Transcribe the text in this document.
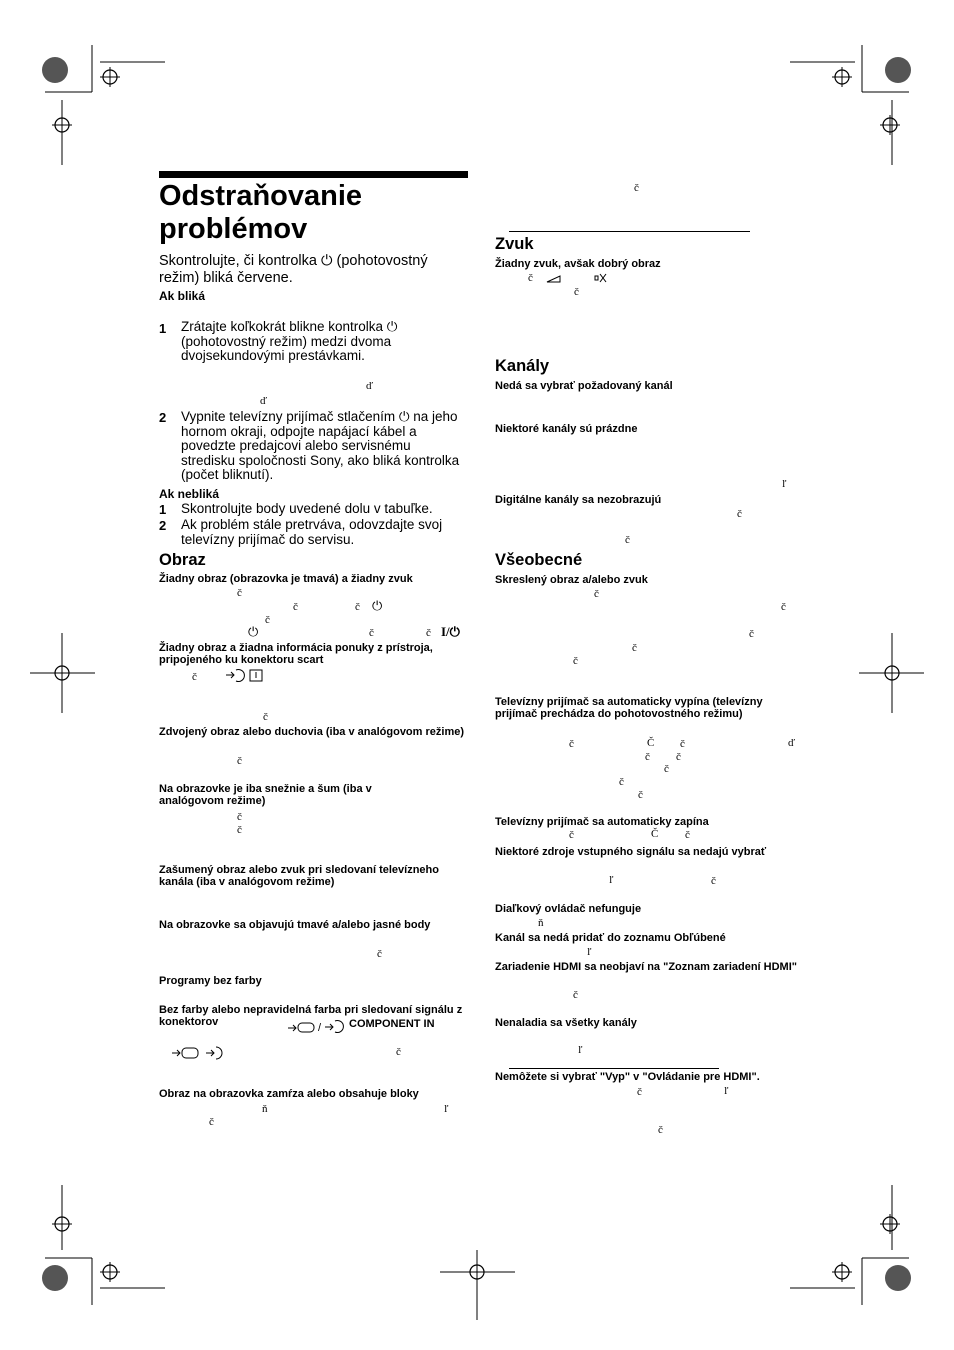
Odstraňovanie problémov
Skontrolujte, či kontrolka ⏻ (pohotovostný režim) bliká červene.
Ak bliká
1 Zrátajte koľkokrát blikne kontrolka ⏻ (pohotovostný režim) medzi dvoma dvojsekundovými prestávkami.
ď
ď
2 Vypnite televízny prijímač stlačením ⏻ na jeho hornom okraji, odpojte napájací kábel a povedzte predajcovi alebo servisnému stredisku spoločnosti Sony, ako bliká kontrolka (počet bliknutí).
Ak nebliká
1 Skontrolujte body uvedené dolu v tabuľke.
2 Ak problém stále pretrváva, odovzdajte svoj televízny prijímač do servisu.
Obraz
Žiadny obraz (obrazovka je tmavá) a žiadny zvuk
č
č	č ⏻
č
⏻	č	č I/⏻
Žiadny obraz a žiadna informácia ponuky z prístroja, pripojeného ku konektoru scart
č
č
Zdvojený obraz alebo duchovia (iba v analógovom režime)
č
Na obrazovke je iba snežnie a šum (iba v analógovom režime)
č
č
Zašumený obraz alebo zvuk pri sledovaní televízneho kanála (iba v analógovom režime)
Na obrazovke sa objavujú tmavé a/alebo jasné body
č
Programy bez farby
Bez farby alebo nepravidelná farba pri sledovaní signálu z konektorov	/	COMPONENT IN
č
Obraz na obrazovka zamŕza alebo obsahuje bloky
ň	ľ
č
č
Zvuk
Žiadny zvuk, avšak dobrý obraz
č
č
Kanály
Nedá sa vybrať požadovaný kanál
Niektoré kanály sú prázdne
ľ
Digitálne kanály sa nezobrazujú
č
č
Všeobecné
Skreslený obraz a/alebo zvuk
č
č
č
č
č
Televízny prijímač sa automaticky vypína (televízny prijímač prechádza do pohotovostného režimu)
č	Č č	ď
č č
č
č
č
Televízny prijímač sa automaticky zapína
č	Č č
Niektoré zdroje vstupného signálu sa nedajú vybrať
ľ	č
Diaľkový ovládač nefunguje
ň
Kanál sa nedá pridať do zoznamu Obľúbené
ľ
Zariadenie HDMI sa neobjaví na "Zoznam zariadení HDMI"
č
Nenaladia sa všetky kanály
ľ
Nemôžete si vybrať "Vyp" v "Ovládanie pre HDMI".
č	ľ
č
